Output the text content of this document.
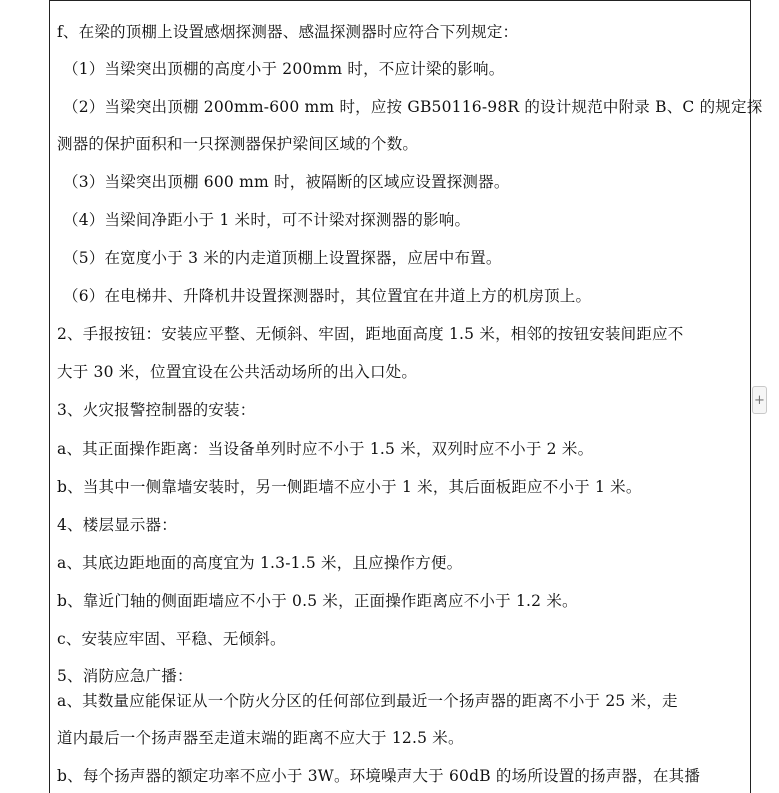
f、在梁的顶棚上设置感烟探测器、感温探测器时应符合下列规定：
（1）当梁突出顶棚的高度小于 200mm 时，不应计梁的影响。
（2）当梁突出顶棚 200mm-600 mm 时，应按 GB50116-98R 的设计规范中附录 B、C 的规定探
测器的保护面积和一只探测器保护梁间区域的个数。
（3）当梁突出顶棚 600 mm 时，被隔断的区域应设置探测器。
（4）当梁间净距小于 1 米时，可不计梁对探测器的影响。
（5）在宽度小于 3 米的内走道顶棚上设置探器，应居中布置。
（6）在电梯井、升降机井设置探测器时，其位置宜在井道上方的机房顶上。
2、手报按钮：安装应平整、无倾斜、牢固，距地面高度 1.5 米，相邻的按钮安装间距应不
大于 30 米，位置宜设在公共活动场所的出入口处。
3、火灾报警控制器的安装：
a、其正面操作距离：当设备单列时应不小于 1.5 米，双列时应不小于 2 米。
b、当其中一侧靠墙安装时，另一侧距墙不应小于 1 米，其后面板距应不小于 1 米。
4、楼层显示器：
a、其底边距地面的高度宜为 1.3-1.5 米，且应操作方便。
b、靠近门轴的侧面距墙应不小于 0.5 米，正面操作距离应不小于 1.2 米。
c、安装应牢固、平稳、无倾斜。
5、消防应急广播：
a、其数量应能保证从一个防火分区的任何部位到最近一个扬声器的距离不小于 25 米，走
道内最后一个扬声器至走道末端的距离不应大于 12.5 米。
b、每个扬声器的额定功率不应小于 3W。环境噪声大于 60dB 的场所设置的扬声器，在其播
+
